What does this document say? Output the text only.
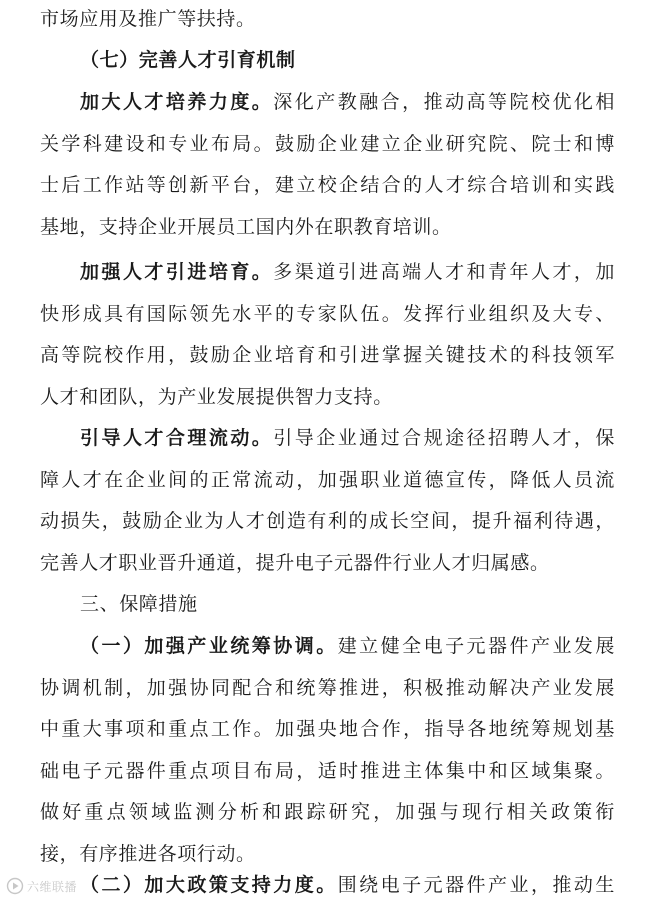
市场应用及推广等扶持。
（七）完善人才引育机制
加大人才培养力度。深化产教融合，推动高等院校优化相
关学科建设和专业布局。鼓励企业建立企业研究院、院士和博
士后工作站等创新平台，建立校企结合的人才综合培训和实践
基地，支持企业开展员工国内外在职教育培训。
加强人才引进培育。多渠道引进高端人才和青年人才，加
快形成具有国际领先水平的专家队伍。发挥行业组织及大专、
高等院校作用，鼓励企业培育和引进掌握关键技术的科技领军
人才和团队，为产业发展提供智力支持。
引导人才合理流动。引导企业通过合规途径招聘人才，保
障人才在企业间的正常流动，加强职业道德宣传，降低人员流
动损失，鼓励企业为人才创造有利的成长空间，提升福利待遇，
完善人才职业晋升通道，提升电子元器件行业人才归属感。
三、保障措施
（一）加强产业统筹协调。建立健全电子元器件产业发展
协调机制，加强协同配合和统筹推进，积极推动解决产业发展
中重大事项和重点工作。加强央地合作，指导各地统筹规划基
础电子元器件重点项目布局，适时推进主体集中和区域集聚。
做好重点领域监测分析和跟踪研究，加强与现行相关政策衔
接，有序推进各项行动。
（二）加大政策支持力度。围绕电子元器件产业，推动生
六维联播
